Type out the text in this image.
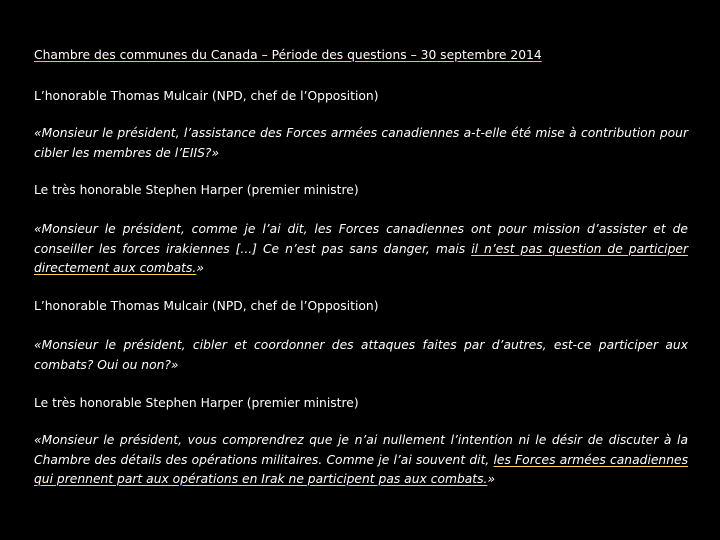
Chambre des communes du Canada – Période des questions – 30 septembre 2014

L’honorable Thomas Mulcair (NPD, chef de l’Opposition)

«Monsieur le président, l’assistance des Forces armées canadiennes a-t-elle été mise à contribution pour cibler les membres de l’EIIS?»

Le très honorable Stephen Harper (premier ministre)

«Monsieur le président, comme je l’ai dit, les Forces canadiennes ont pour mission d’assister et de conseiller les forces irakiennes [...] Ce n’est pas sans danger, mais il n’est pas question de participer directement aux combats.»

L’honorable Thomas Mulcair (NPD, chef de l’Opposition)

«Monsieur le président, cibler et coordonner des attaques faites par d’autres, est-ce participer aux combats? Oui ou non?»

Le très honorable Stephen Harper (premier ministre)

«Monsieur le président, vous comprendrez que je n’ai nullement l’intention ni le désir de discuter à la Chambre des détails des opérations militaires. Comme je l’ai souvent dit, les Forces armées canadiennes qui prennent part aux opérations en Irak ne participent pas aux combats.»
